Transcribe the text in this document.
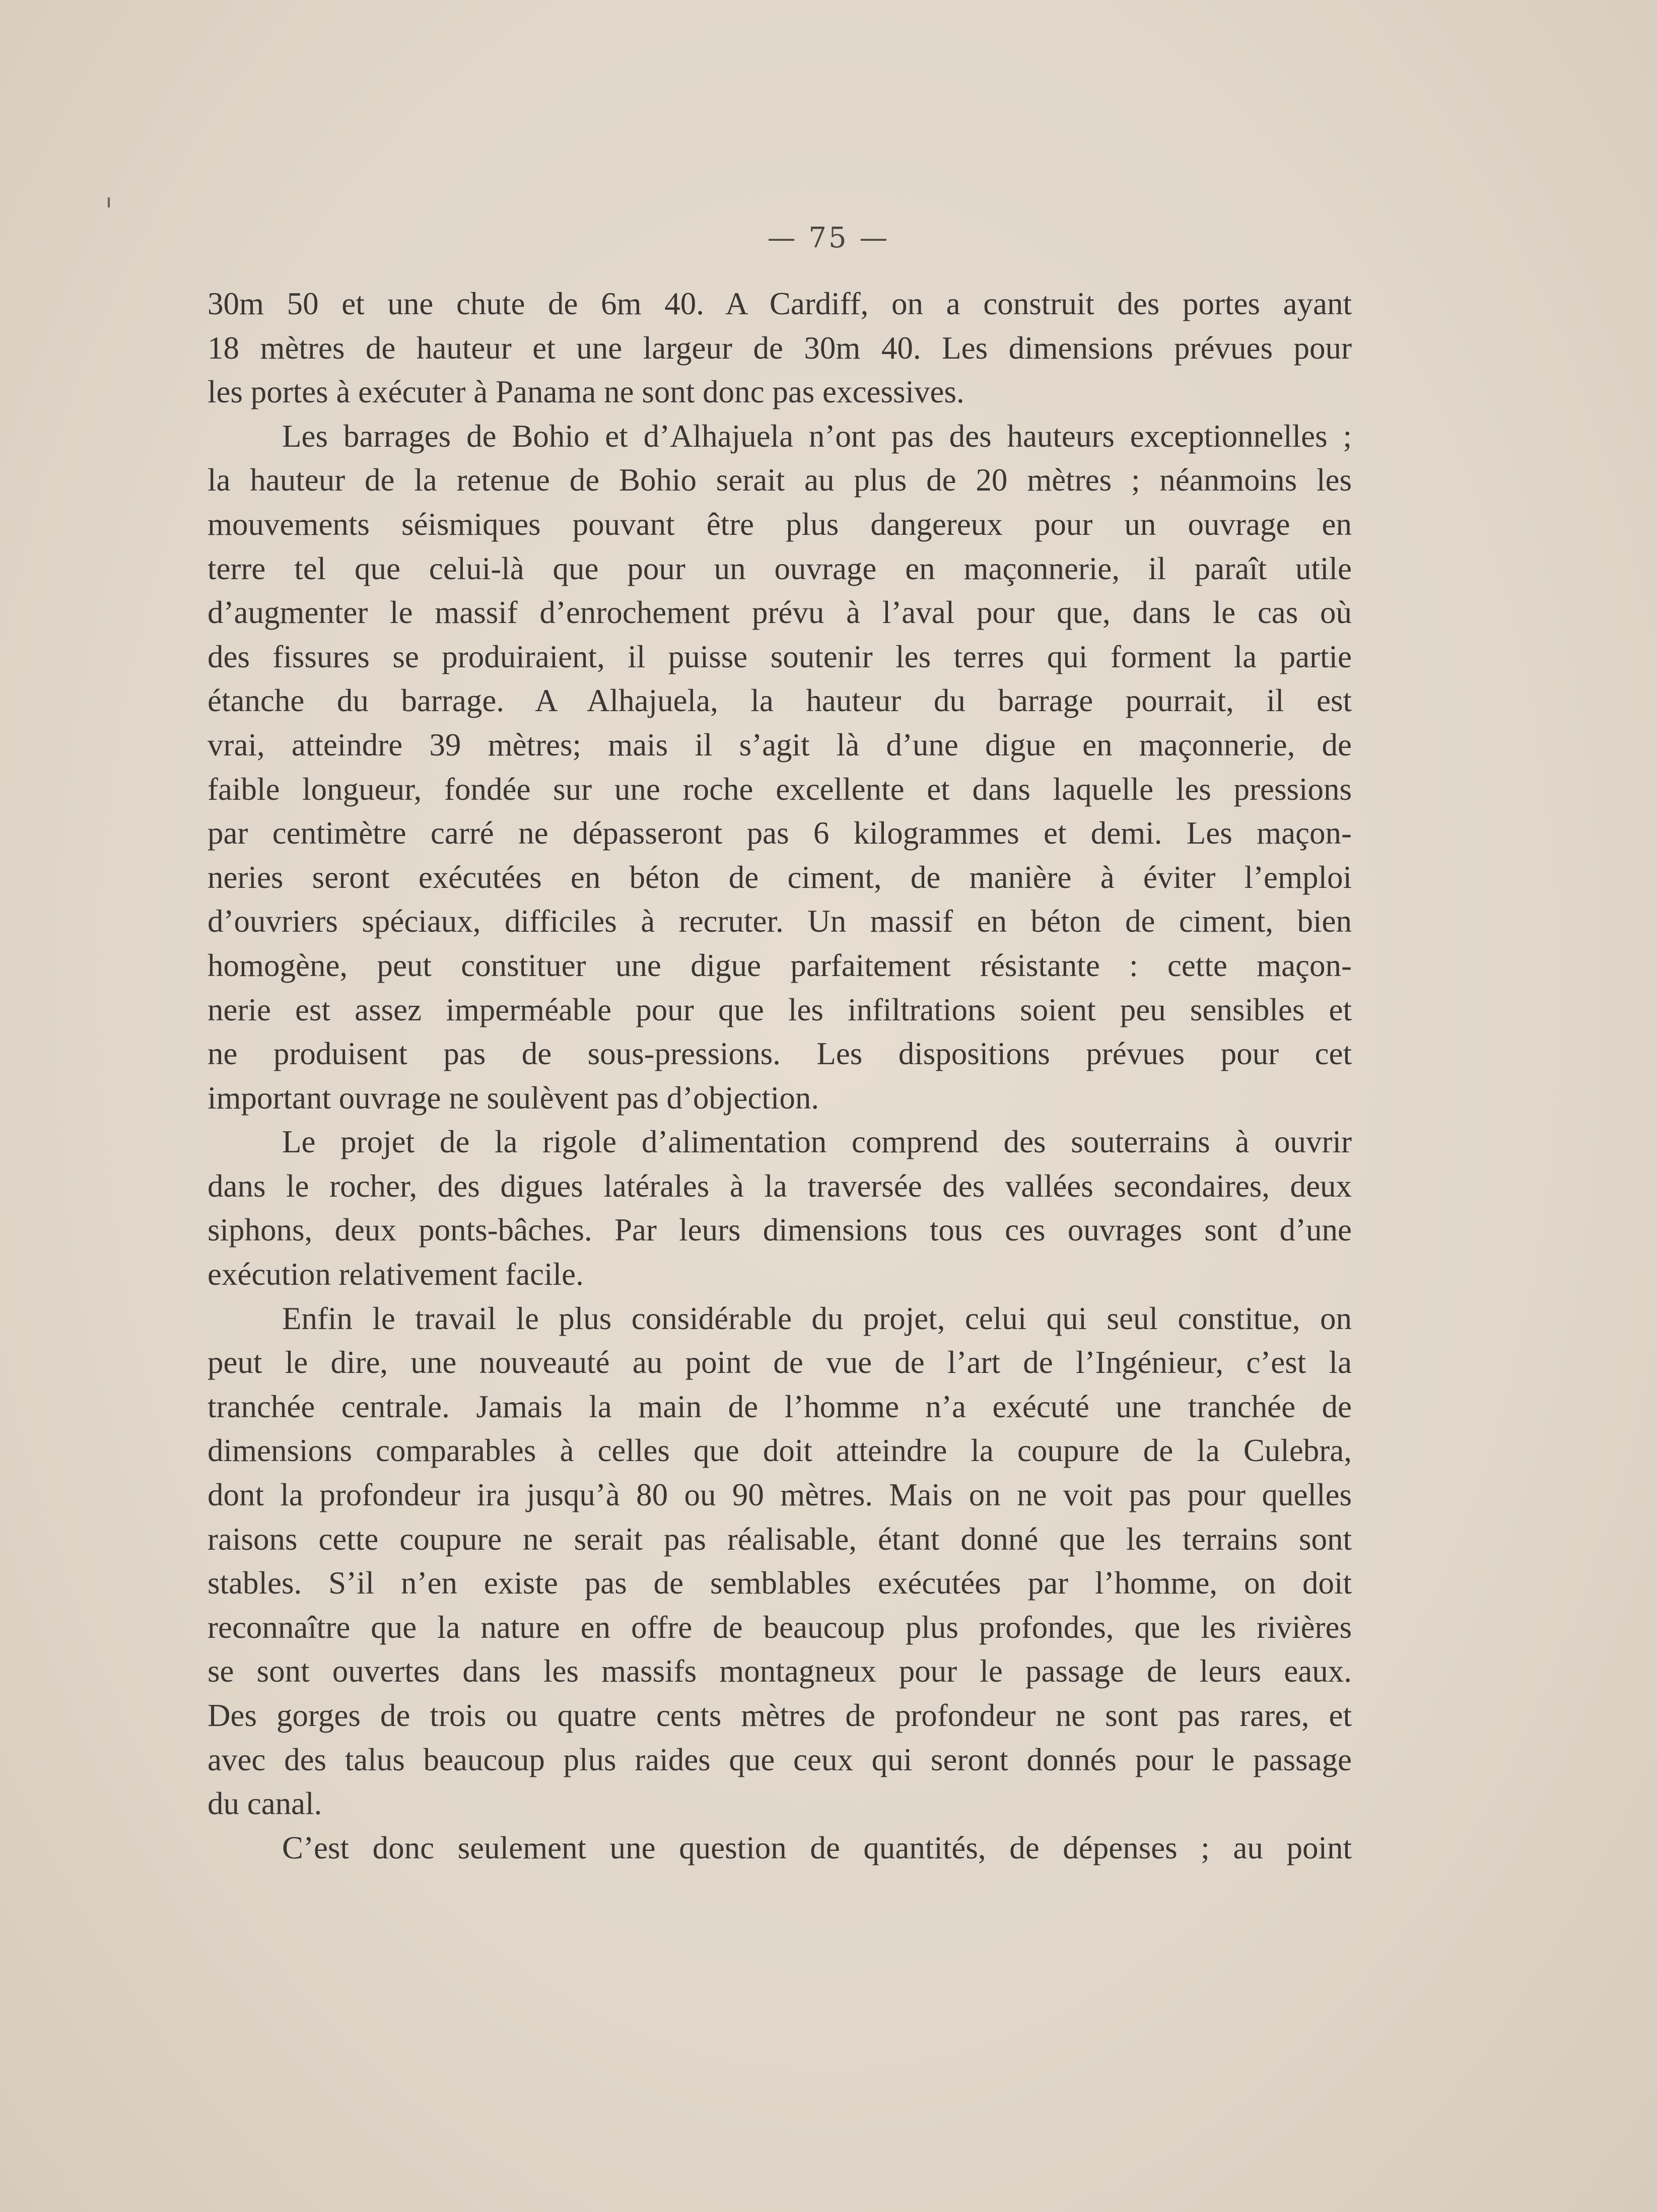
— 75 —
30m 50 et une chute de 6m 40. A Cardiff, on a construit des portes ayant
18 mètres de hauteur et une largeur de 30m 40. Les dimensions prévues pour
les portes à exécuter à Panama ne sont donc pas excessives.
Les barrages de Bohio et d’Alhajuela n’ont pas des hauteurs exceptionnelles ;
la hauteur de la retenue de Bohio serait au plus de 20 mètres ; néanmoins les
mouvements séismiques pouvant être plus dangereux pour un ouvrage en
terre tel que celui-là que pour un ouvrage en maçonnerie, il paraît utile
d’augmenter le massif d’enrochement prévu à l’aval pour que, dans le cas où
des fissures se produiraient, il puisse soutenir les terres qui forment la partie
étanche du barrage. A Alhajuela, la hauteur du barrage pourrait, il est
vrai, atteindre 39 mètres; mais il s’agit là d’une digue en maçonnerie, de
faible longueur, fondée sur une roche excellente et dans laquelle les pressions
par centimètre carré ne dépasseront pas 6 kilogrammes et demi. Les maçon-
neries seront exécutées en béton de ciment, de manière à éviter l’emploi
d’ouvriers spéciaux, difficiles à recruter. Un massif en béton de ciment, bien
homogène, peut constituer une digue parfaitement résistante : cette maçon-
nerie est assez imperméable pour que les infiltrations soient peu sensibles et
ne produisent pas de sous-pressions. Les dispositions prévues pour cet
important ouvrage ne soulèvent pas d’objection.
Le projet de la rigole d’alimentation comprend des souterrains à ouvrir
dans le rocher, des digues latérales à la traversée des vallées secondaires, deux
siphons, deux ponts-bâches. Par leurs dimensions tous ces ouvrages sont d’une
exécution relativement facile.
Enfin le travail le plus considérable du projet, celui qui seul constitue, on
peut le dire, une nouveauté au point de vue de l’art de l’Ingénieur, c’est la
tranchée centrale. Jamais la main de l’homme n’a exécuté une tranchée de
dimensions comparables à celles que doit atteindre la coupure de la Culebra,
dont la profondeur ira jusqu’à 80 ou 90 mètres. Mais on ne voit pas pour quelles
raisons cette coupure ne serait pas réalisable, étant donné que les terrains sont
stables. S’il n’en existe pas de semblables exécutées par l’homme, on doit
reconnaître que la nature en offre de beaucoup plus profondes, que les rivières
se sont ouvertes dans les massifs montagneux pour le passage de leurs eaux.
Des gorges de trois ou quatre cents mètres de profondeur ne sont pas rares, et
avec des talus beaucoup plus raides que ceux qui seront donnés pour le passage
du canal.
C’est donc seulement une question de quantités, de dépenses ; au point
